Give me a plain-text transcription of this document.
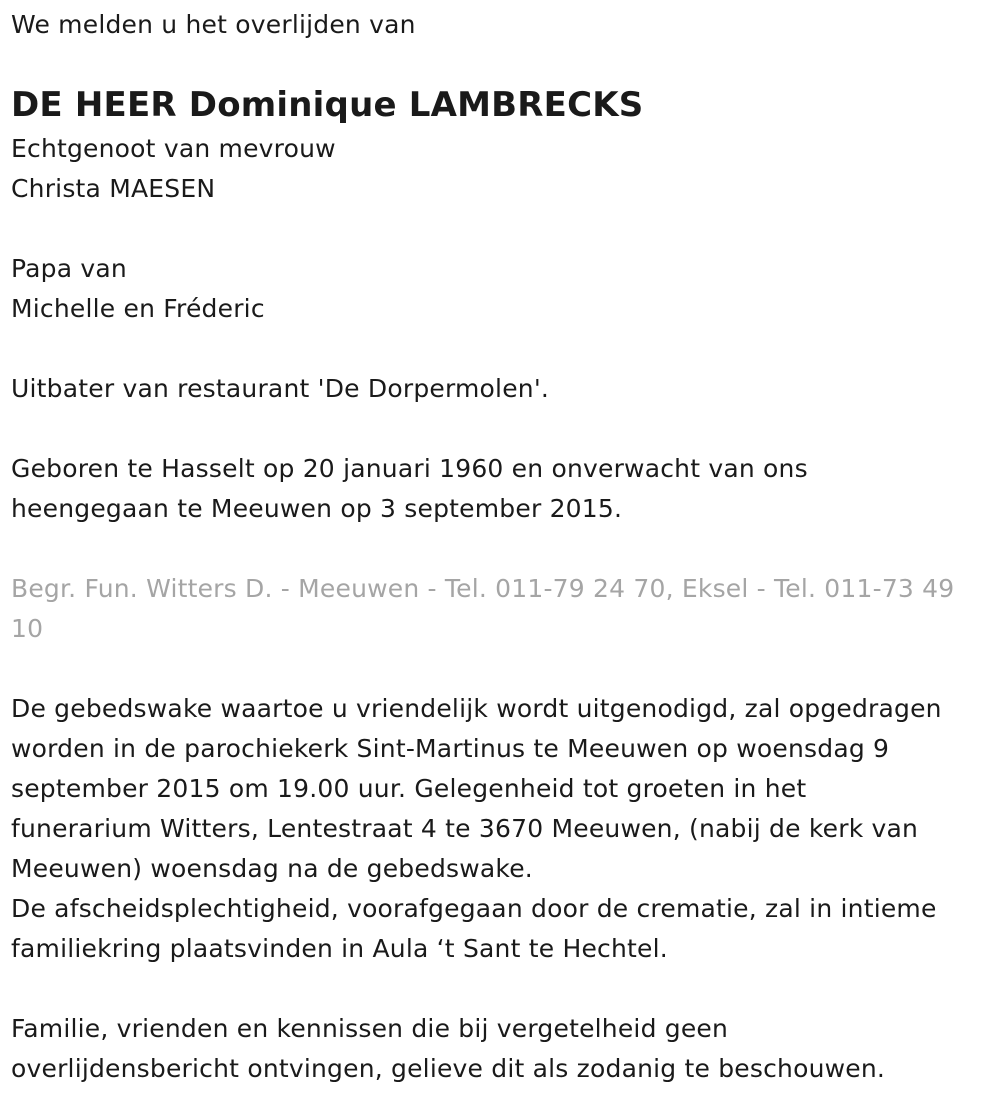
We melden u het overlijden van
DE HEER Dominique LAMBRECKS
Echtgenoot van mevrouw
Christa MAESEN
Papa van
Michelle en Fréderic
Uitbater van restaurant 'De Dorpermolen'.
Geboren te Hasselt op 20 januari 1960 en onverwacht van ons
heengegaan te Meeuwen op 3 september 2015.
Begr. Fun. Witters D. - Meeuwen - Tel. 011-79 24 70, Eksel - Tel. 011-73 49
10
De gebedswake waartoe u vriendelijk wordt uitgenodigd, zal opgedragen
worden in de parochiekerk Sint-Martinus te Meeuwen op woensdag 9
september 2015 om 19.00 uur. Gelegenheid tot groeten in het
funerarium Witters, Lentestraat 4 te 3670 Meeuwen, (nabij de kerk van
Meeuwen) woensdag na de gebedswake.
De afscheidsplechtigheid, voorafgegaan door de crematie, zal in intieme
familiekring plaatsvinden in Aula ‘t Sant te Hechtel.
Familie, vrienden en kennissen die bij vergetelheid geen
overlijdensbericht ontvingen, gelieve dit als zodanig te beschouwen.
